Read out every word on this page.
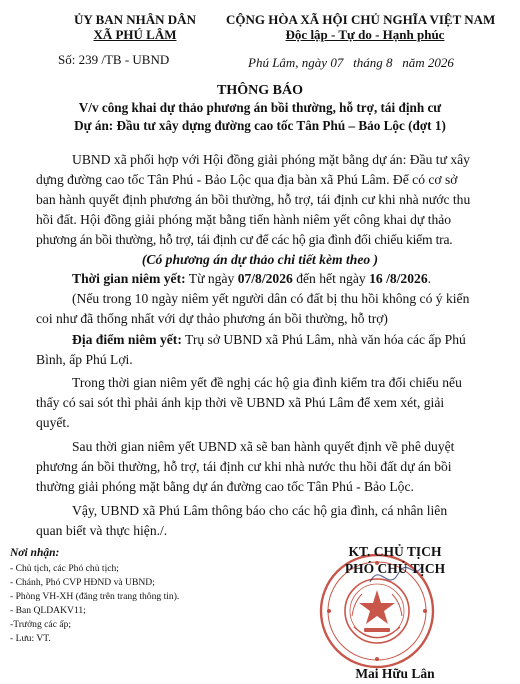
ỦY BAN NHÂN DÂN
XÃ PHÚ LÂM
Số: 239 /TB - UBND
CỘNG HÒA XÃ HỘI CHỦ NGHĨA VIỆT NAM
Độc lập - Tự do - Hạnh phúc
Phú Lâm, ngày 07 tháng 8 năm 2026
THÔNG BÁO
V/v công khai dự thảo phương án bồi thường, hỗ trợ, tái định cư
Dự án: Đầu tư xây dựng đường cao tốc Tân Phú – Bảo Lộc (đợt 1)
UBND xã phối hợp với Hội đồng giải phóng mặt bằng dự án: Đầu tư xây
dựng đường cao tốc Tân Phú - Bảo Lộc qua địa bàn xã Phú Lâm. Để có cơ sở
ban hành quyết định phương án bồi thường, hỗ trợ, tái định cư khi nhà nước thu
hồi đất. Hội đồng giải phóng mặt bằng tiến hành niêm yết công khai dự thảo
phương án bồi thường, hỗ trợ, tái định cư để các hộ gia đình đối chiếu kiểm tra.
(Có phương án dự thảo chi tiết kèm theo )
Thời gian niêm yết: Từ ngày 07/8/2026 đến hết ngày 16 /8/2026.
(Nếu trong 10 ngày niêm yết người dân có đất bị thu hồi không có ý kiến
coi như đã thống nhất với dự thảo phương án bồi thường, hỗ trợ)
Địa điểm niêm yết: Trụ sở UBND xã Phú Lâm, nhà văn hóa các ấp Phú
Bình, ấp Phú Lợi.
Trong thời gian niêm yết đề nghị các hộ gia đình kiểm tra đối chiếu nếu
thấy có sai sót thì phải ánh kịp thời về UBND xã Phú Lâm để xem xét, giải
quyết.
Sau thời gian niêm yết UBND xã sẽ ban hành quyết định về phê duyệt
phương án bồi thường, hỗ trợ, tái định cư khi nhà nước thu hồi đất dự án bồi
thường giải phóng mặt bằng dự án đường cao tốc Tân Phú - Bảo Lộc.
Vậy, UBND xã Phú Lâm thông báo cho các hộ gia đình, cá nhân liên
quan biết và thực hiện./.
Nơi nhận:
- Chủ tịch, các Phó chủ tịch;
- Chánh, Phó CVP HĐND và UBND;
- Phòng VH-XH (đăng trên trang thông tin).
- Ban QLDAKV11;
-Trưởng các ấp;
- Lưu: VT.
KT. CHỦ TỊCH
PHÓ CHỦ TỊCH
Mai Hữu Lân
